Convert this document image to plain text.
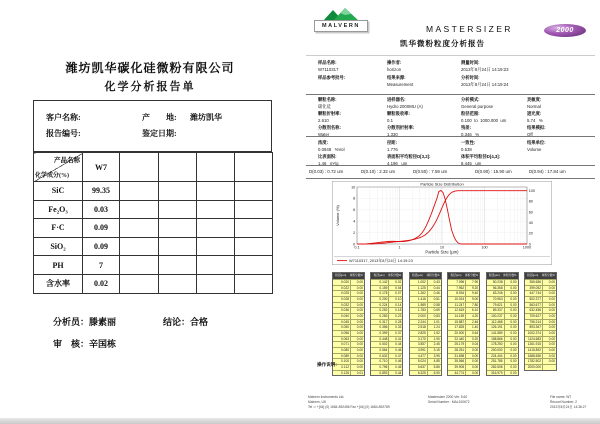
潍坊凯华碳化硅微粉有限公司
化学分析报告单
客户名称:	产　　地: 潍坊凯华
报告编号:	鉴定日期:
产品名称
化学成分(%)	W7				
SiC	99.35				
Fe₂O₃	0.03				
F·C	0.09				
SiO₂	0.09				
PH	7				
含水率	0.02				
分析员：滕素丽	结论：合格
审　核：辛国栋
MALVERN	MASTERSIZER	2000
凯华微粉粒度分析报告
样品名称:
W7110317
操作者:
horizon
测量时间:
2013年8月24日 14:19:23
样品参考批号:	结果来源:
Measurement
分析时间:
2013年8月24日 14:19:24
颗粒名称:
碳化硅
进样器名:
Hydro 2000MU (A)
分析模式:
General purpose
灵敏度:
Normal
颗粒折射率:
2.610
颗粒吸收率:
0.1
粒径范围:
0.100  to  1000.000  um
遮光度:
5.74   %
分散剂名称:
Water
分散剂折射率:
1.330
残差:
0.346   %
结果模拟:
Off
浓度:
0.0848   %Vol
径距:
1.776
一致性:
0.538
结果单位:
Volume
比表面积:
1.46   m²/g
表面积平均粒径D[3,2]:
4.196   um
体积平均粒径D[4,3]:
8.445   um
D(0.03) : 0.72 um	D(0.10) : 2.32 um	D(0.50) : 7.59 um	D(0.90) : 15.90 um	D(0.94) : 17.84 um
Particle Size Distribution
0
2
4
6
8
10
0
20
40
60
80
100
0.1	1	10	100	1000
Particle Size (µm)
Volume (%)
W7110317, 2013年8月24日 14:19:23
粒径(µm)	体积分数%
0.020	0.00
0.022	0.00
0.025	0.00
0.028	0.00
0.032	0.00
0.036	0.00
0.040	0.00
0.045	0.00
0.050	0.00
0.056	0.00
0.063	0.00
0.071	0.00
0.080	0.00
0.089	0.00
0.100	0.00
0.112	0.00
0.126	0.01
粒径(µm)	体积分数%
0.142	0.02
0.159	0.04
0.178	0.07
0.200	0.10
0.224	0.14
0.252	0.18
0.283	0.23
0.317	0.28
0.356	0.33
0.399	0.37
0.448	0.41
0.502	0.44
0.564	0.46
0.632	0.47
0.710	0.46
0.796	0.45
0.893	0.44
粒径(µm)	体积分数%
1.002	0.43
1.125	0.44
1.262	0.46
1.416	0.51
1.589	0.58
1.783	0.69
2.000	0.83
2.244	1.01
2.518	1.24
2.825	1.52
3.170	1.90
3.557	2.45
3.991	3.15
4.477	3.95
5.024	4.85
5.637	5.85
6.325	6.90
粒径(µm)	体积分数%
7.096	7.90
7.962	9.20
8.934	9.40
10.024	9.00
11.247	7.80
12.619	6.10
14.159	4.20
15.887	2.46
17.825	1.40
20.000	0.64
22.440	0.20
25.179	0.04
28.251	0.00
31.698	0.00
35.566	0.00
39.905	0.00
44.774	0.00
粒径(µm)	体积分数%
50.238	0.00
56.368	0.00
63.246	0.00
70.963	0.00
79.621	0.00
89.337	0.00
100.237	0.00
112.468	0.00
126.191	0.00
141.589	0.00
158.866	0.00
178.250	0.00
200.000	0.00
224.404	0.00
251.785	0.00
282.508	0.00
316.979	0.00
粒径(µm)	体积分数%
355.656	0.00
399.052	0.00
447.744	0.00
502.377	0.00
563.677	0.00
632.456	0.00
709.627	0.00
796.214	0.00
893.367	0.00
1002.374	0.00
1124.683	0.00
1261.915	0.00
1415.892	0.00
1588.656	0.00
1782.502	0.00
2000.000
操作说明:
Malvern Instruments Ltd.
Malvern, UK
Tel := +[44] (0) 1684-892456 Fax +[44] (0) 1684-892789
Mastersizer 2000 Ver. 5.60
Serial Number : MAL100672
File name: W7
Record Number: 2
2013年8月24日 14:36:27
